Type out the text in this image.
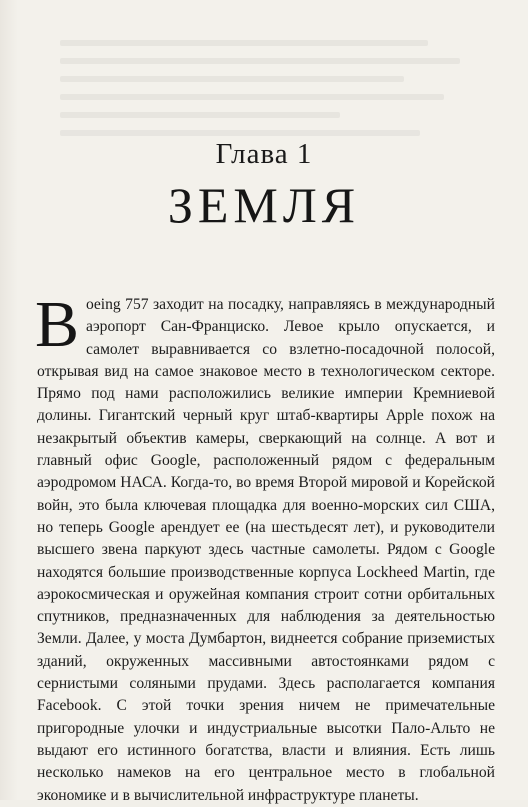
Глава 1
ЗЕМЛЯ
Boeing 757 заходит на посадку, направляясь в международный аэропорт Сан-Франциско. Левое крыло опускается, и самолет выравнивается со взлетно-посадочной полосой, открывая вид на самое знаковое место в технологическом секторе. Прямо под нами расположились великие империи Кремниевой долины. Гигантский черный круг штаб-квартиры Apple похож на незакрытый объектив камеры, сверкающий на солнце. А вот и главный офис Google, расположенный рядом с федеральным аэродромом НАСА. Когда-то, во время Второй мировой и Корейской войн, это была ключевая площадка для военно-морских сил США, но теперь Google арендует ее (на шестьдесят лет), и руководители высшего звена паркуют здесь частные самолеты. Рядом с Google находятся большие производственные корпуса Lockheed Martin, где аэрокосмическая и оружейная компания строит сотни орбитальных спутников, предназначенных для наблюдения за деятельностью Земли. Далее, у моста Думбартон, виднеется собрание приземистых зданий, окруженных массивными автостоянками рядом с сернистыми соляными прудами. Здесь располагается компания Facebook. С этой точки зрения ничем не примечательные пригородные улочки и индустриальные высотки Пало-Альто не выдают его истинного богатства, власти и влияния. Есть лишь несколько намеков на его центральное место в глобальной экономике и в вычислительной инфраструктуре планеты.
